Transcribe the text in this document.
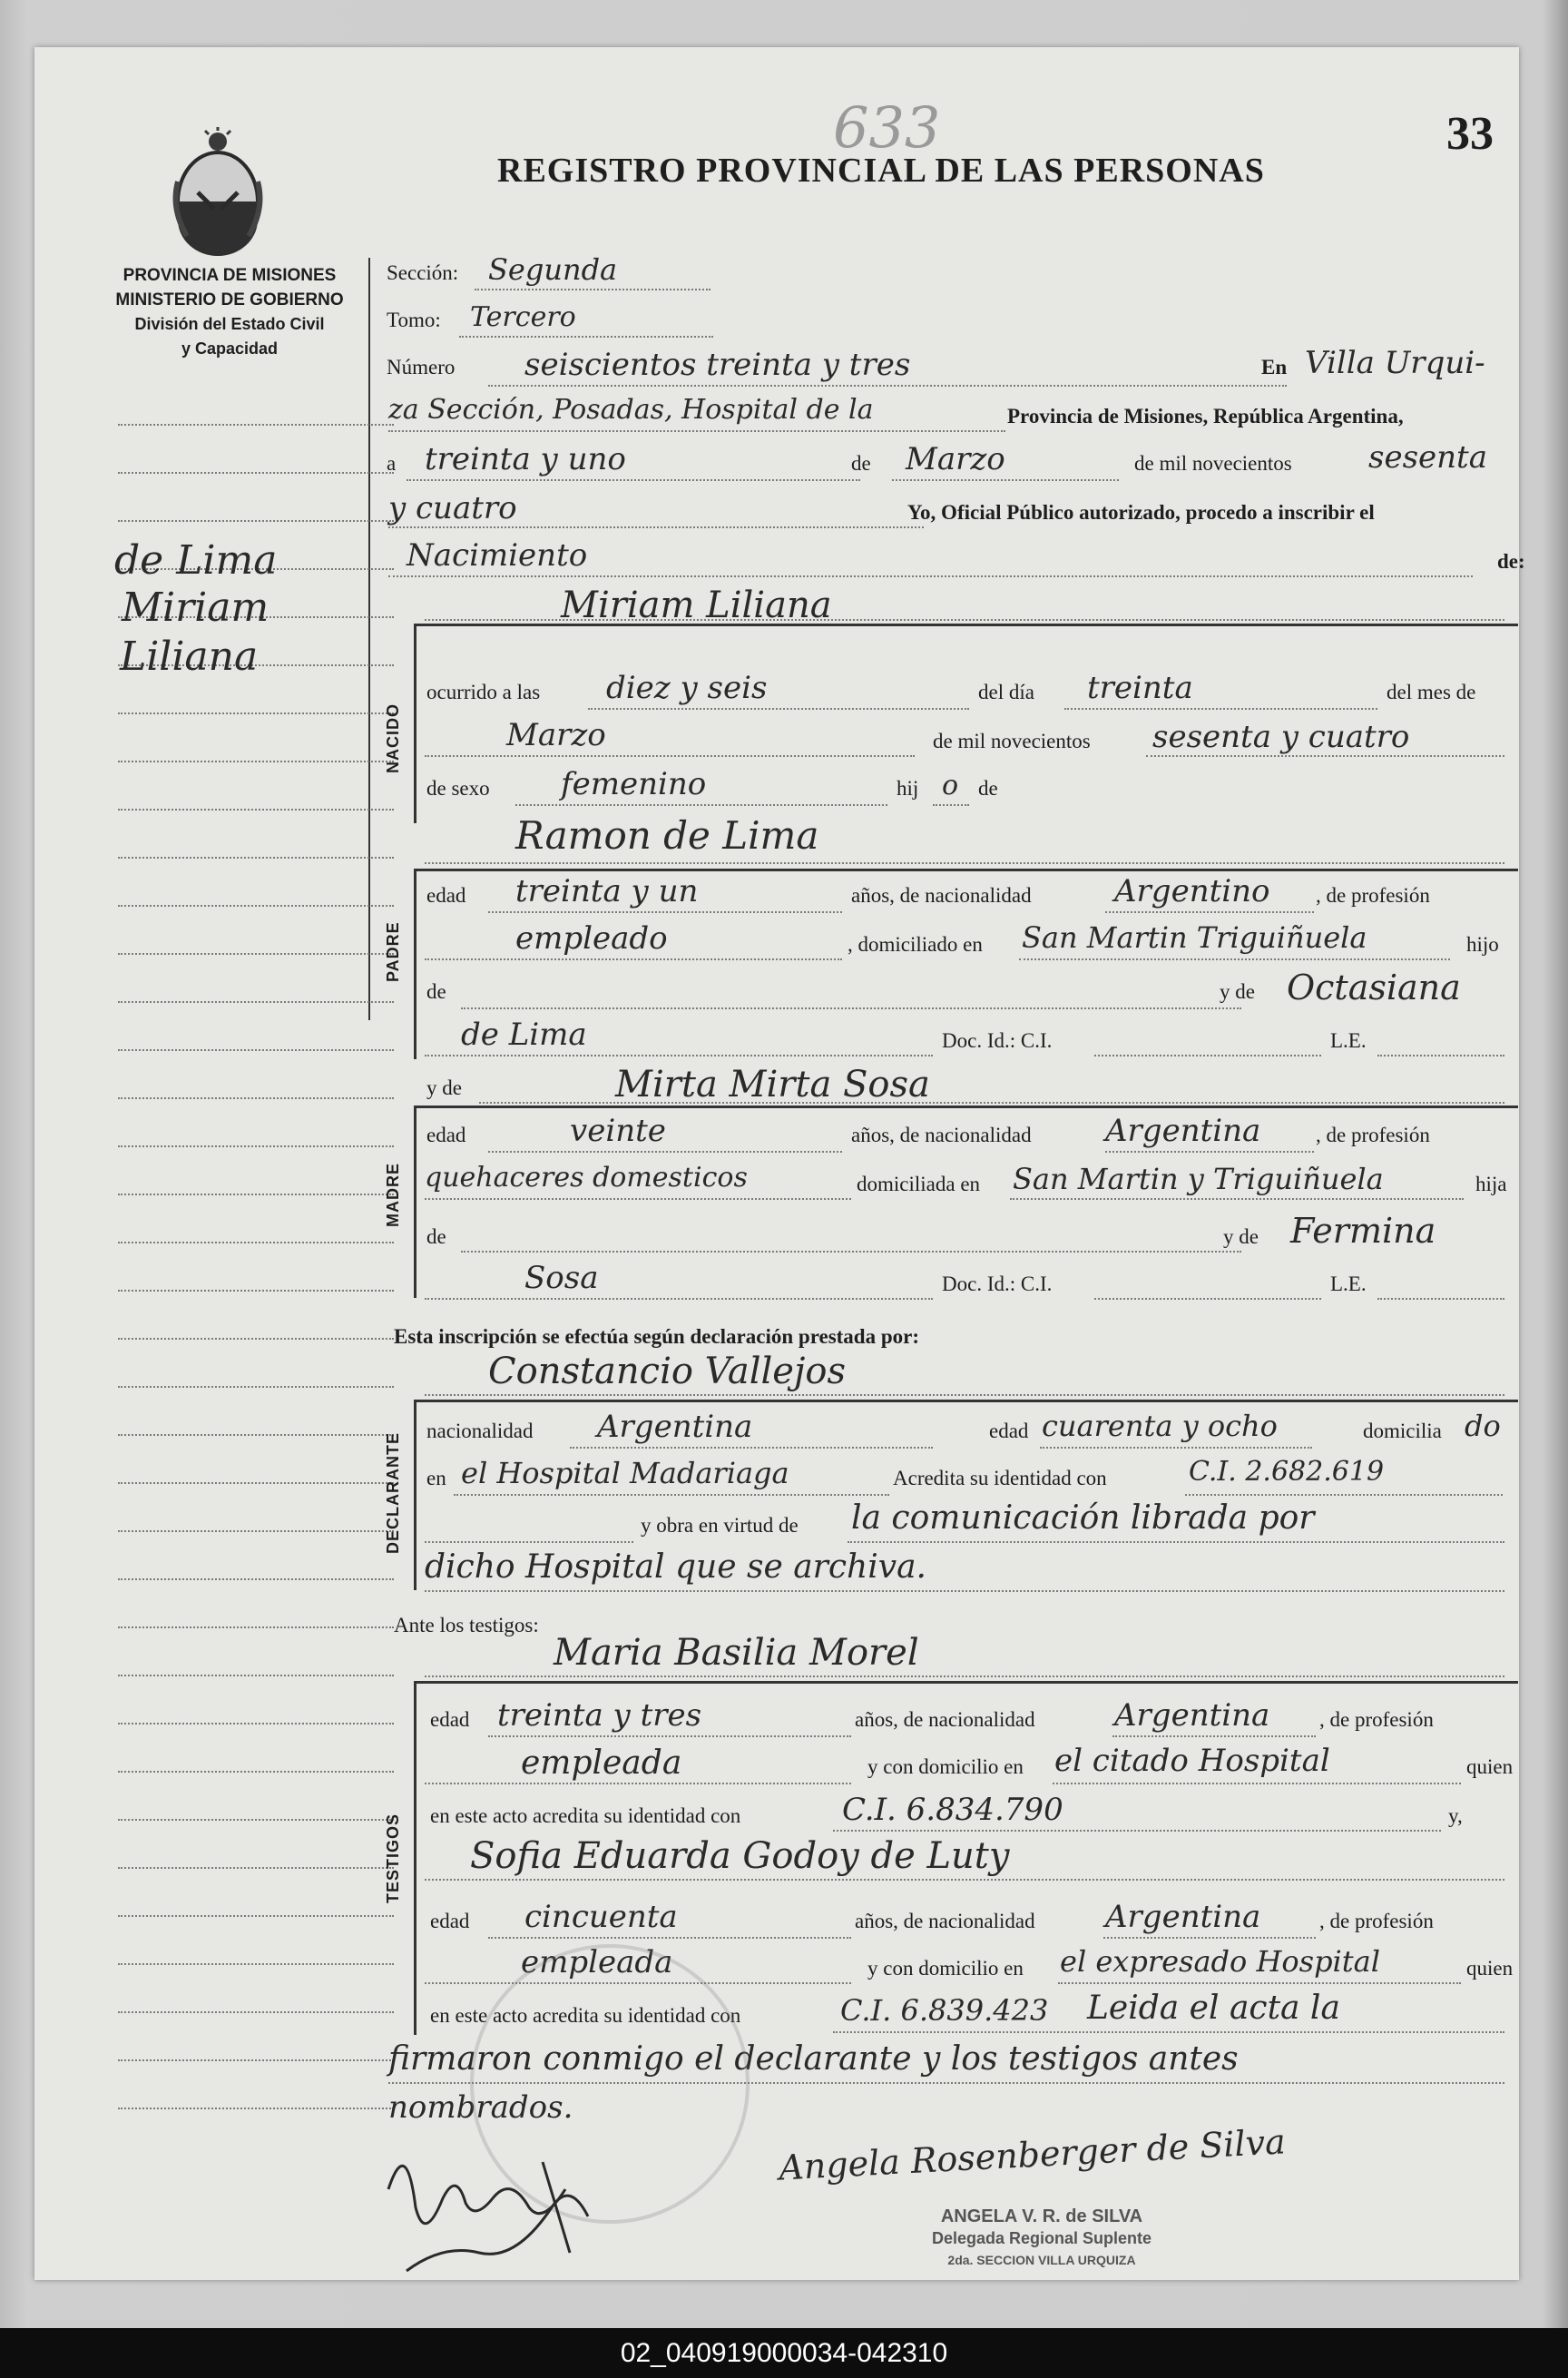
633	33
REGISTRO PROVINCIAL DE LAS PERSONAS
PROVINCIA DE MISIONES
MINISTERIO DE GOBIERNO
División del Estado Civil
y Capacidad
de Lima
Miriam
Liliana
Sección: Segunda
Tomo: Tercero
Número seiscientos treinta y tres	En Villa Urqui-
za Sección, Posadas, Hospital de la	Provincia de Misiones, República Argentina,
a treinta y uno	de Marzo	de mil novecientos sesenta
y cuatro	Yo, Oficial Público autorizado, procedo a inscribir el
Nacimiento	de:
NACIDO
Miriam Liliana
ocurrido a las diez y seis	del día treinta	del mes de
Marzo	de mil novecientos sesenta y cuatro
de sexo femenino	hij o de
PADRE
Ramon de Lima
edad treinta y un	años, de nacionalidad	Argentino , de profesión
empleado	, domiciliado en San Martin Triguiñuela	hijo
de	y de Octasiana
de Lima	Doc. Id.: C.I.	L.E.
MADRE
y de	Mirta Mirta Sosa
edad	veinte	años, de nacionalidad Argentina	, de profesión
quehaceres domesticos	domiciliada en San Martin y Triguiñuela	hija
de	y de Fermina
Sosa	Doc. Id.: C.I.	L.E.
Esta inscripción se efectúa según declaración prestada por:
DECLARANTE
Constancio Vallejos
nacionalidad Argentina	edad cuarenta y ocho	domicilia do
en el Hospital Madariaga	Acredita su identidad con	C.I. 2.682.619
y obra en virtud de la comunicación librada por
dicho Hospital que se archiva.
Ante los testigos:
TESTIGOS
Maria Basilia Morel
edad treinta y tres	años, de nacionalidad	Argentina , de profesión
empleada	y con domicilio en el citado Hospital	quien
en este acto acredita su identidad con	C.I. 6.834.790	y,
Sofia Eduarda Godoy de Luty
edad cincuenta	años, de nacionalidad Argentina	, de profesión
empleada	y con domicilio en el expresado Hospital	quien
en este acto acredita su identidad con	C.I. 6.839.423 Leida el acta la
firmaron conmigo el declarante y los testigos antes
nombrados.
Angela Rosenberger de Silva
ANGELA V. R. de SILVA
Delegada Regional Suplente
2da. SECCION VILLA URQUIZA
02_040919000034-042310
